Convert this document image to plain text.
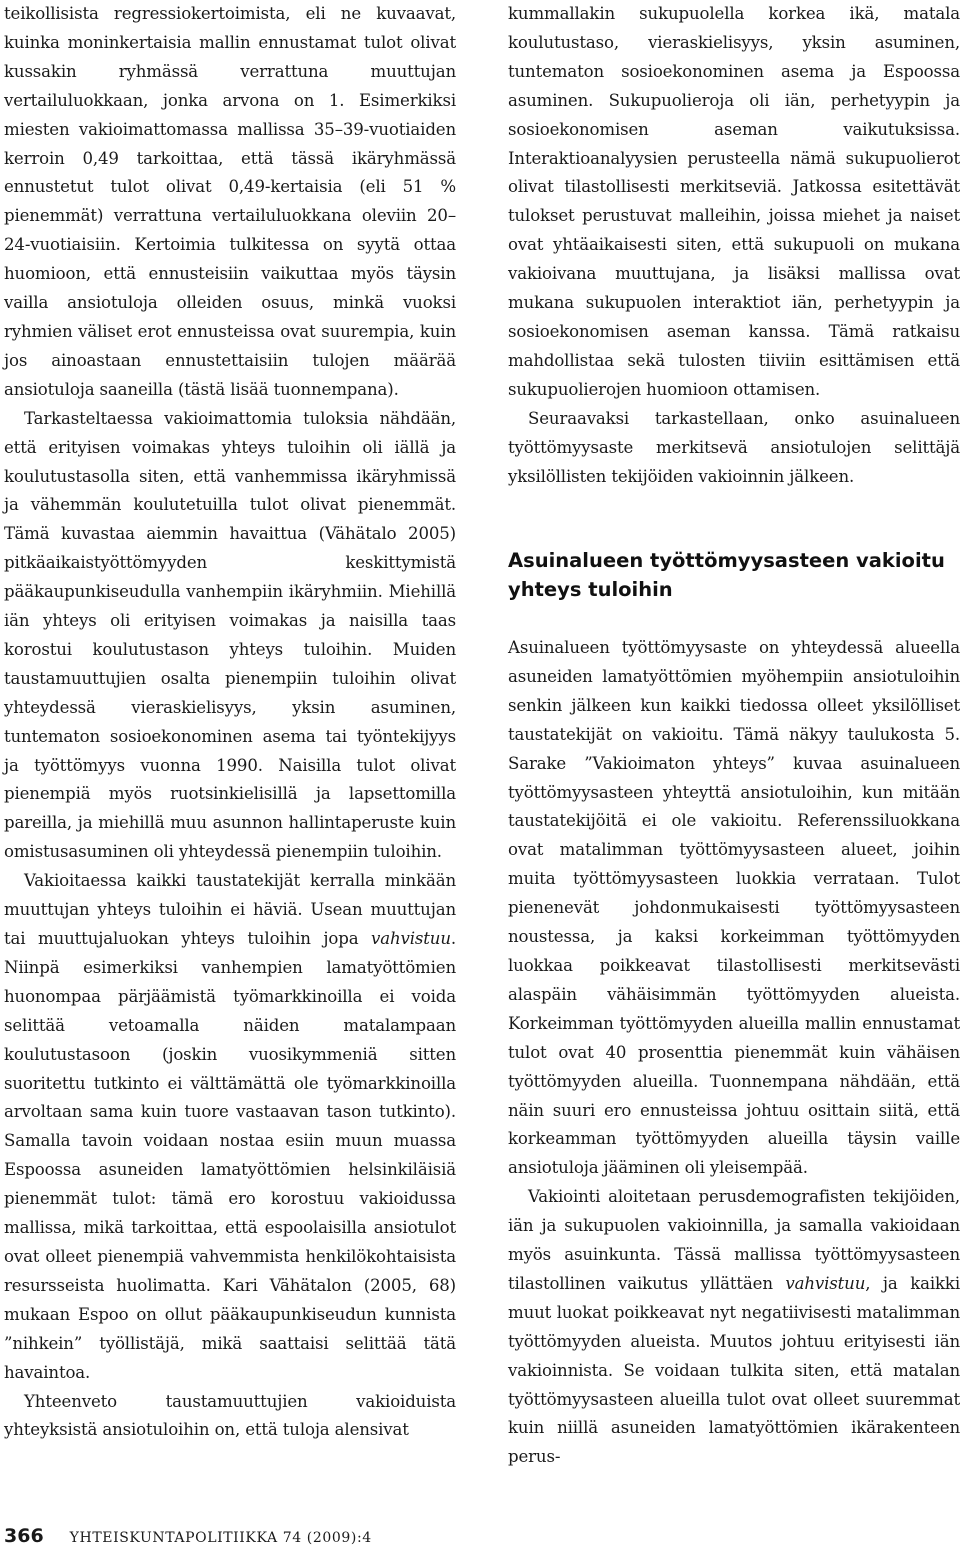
teikollisista regressiokertoimista, eli ne kuvaavat, kuinka moninkertaisia mallin ennustamat tulot olivat kussakin ryhmässä verrattuna muuttujan vertailuluokkaan, jonka arvona on 1. Esimerkiksi miesten vakioimattomassa mallissa 35–39-vuotiaiden kerroin 0,49 tarkoittaa, että tässä ikäryhmässä ennustetut tulot olivat 0,49-kertaisia (eli 51 % pienemmät) verrattuna vertailuluokkana oleviin 20–24-vuotiaisiin. Kertoimia tulkitessa on syytä ottaa huomioon, että ennusteisiin vaikuttaa myös täysin vailla ansiotuloja olleiden osuus, minkä vuoksi ryhmien väliset erot ennusteissa ovat suurempia, kuin jos ainoastaan ennustettaisiin tulojen määrää ansiotuloja saaneilla (tästä lisää tuonnempana).

Tarkasteltaessa vakioimattomia tuloksia nähdään, että erityisen voimakas yhteys tuloihin oli iällä ja koulutustasolla siten, että vanhemmissa ikäryhmissä ja vähemmän koulutetuilla tulot olivat pienemmät. Tämä kuvastaa aiemmin havaittua (Vähätalo 2005) pitkäaikaistyöttömyyden keskittymistä pääkaupunkiseudulla vanhempiin ikäryhmiin. Miehillä iän yhteys oli erityisen voimakas ja naisilla taas korostui koulutustason yhteys tuloihin. Muiden taustamuuttujien osalta pienempiin tuloihin olivat yhteydessä vieraskielisyys, yksin asuminen, tuntematon sosioekonominen asema tai työntekijyys ja työttömyys vuonna 1990. Naisilla tulot olivat pienempiä myös ruotsinkielisillä ja lapsettomilla pareilla, ja miehillä muu asunnon hallintaperuste kuin omistusasuminen oli yhteydessä pienempiin tuloihin.

Vakioitaessa kaikki taustatekijät kerralla minkään muuttujan yhteys tuloihin ei häviä. Usean muuttujan tai muuttujaluokan yhteys tuloihin jopa vahvistuu. Niinpä esimerkiksi vanhempien lamatyöttömien huonompaa pärjäämistä työmarkkinoilla ei voida selittää vetoamalla näiden matalampaan koulutustasoon (joskin vuosikymmeniä sitten suoritettu tutkinto ei välttämättä ole työmarkkinoilla arvoltaan sama kuin tuore vastaavan tason tutkinto). Samalla tavoin voidaan nostaa esiin muun muassa Espoossa asuneiden lamatyöttömien helsinkiläisiä pienemmät tulot: tämä ero korostuu vakioidussa mallissa, mikä tarkoittaa, että espoolaisilla ansiotulot ovat olleet pienempiä vahvemmista henkilökohtaisista resursseista huolimatta. Kari Vähätalon (2005, 68) mukaan Espoo on ollut pääkaupunkiseudun kunnista ”nihkein” työllistäjä, mikä saattaisi selittää tätä havaintoa.

Yhteenveto taustamuuttujien vakioiduista yhteyksistä ansiotuloihin on, että tuloja alensivat

kummallakin sukupuolella korkea ikä, matala koulutustaso, vieraskielisyys, yksin asuminen, tuntematon sosioekonominen asema ja Espoossa asuminen. Sukupuolieroja oli iän, perhetyypin ja sosioekonomisen aseman vaikutuksissa. Interaktioanalyysien perusteella nämä sukupuolierot olivat tilastollisesti merkitseviä. Jatkossa esitettävät tulokset perustuvat malleihin, joissa miehet ja naiset ovat yhtäaikaisesti siten, että sukupuoli on mukana vakioivana muuttujana, ja lisäksi mallissa ovat mukana sukupuolen interaktiot iän, perhetyypin ja sosioekonomisen aseman kanssa. Tämä ratkaisu mahdollistaa sekä tulosten tiiviin esittämisen että sukupuolierojen huomioon ottamisen.

Seuraavaksi tarkastellaan, onko asuinalueen työttömyysaste merkitsevä ansiotulojen selittäjä yksilöllisten tekijöiden vakioinnin jälkeen.

Asuinalueen työttömyysasteen vakioitu yhteys tuloihin

Asuinalueen työttömyysaste on yhteydessä alueella asuneiden lamatyöttömien myöhempiin ansiotuloihin senkin jälkeen kun kaikki tiedossa olleet yksilölliset taustatekijät on vakioitu. Tämä näkyy taulukosta 5. Sarake ”Vakioimaton yhteys” kuvaa asuinalueen työttömyysasteen yhteyttä ansiotuloihin, kun mitään taustatekijöitä ei ole vakioitu. Referenssiluokkana ovat matalimman työttömyysasteen alueet, joihin muita työttömyysasteen luokkia verrataan. Tulot pienenevät johdonmukaisesti työttömyysasteen noustessa, ja kaksi korkeimman työttömyyden luokkaa poikkeavat tilastollisesti merkitsevästi alaspäin vähäisimmän työttömyyden alueista. Korkeimman työttömyyden alueilla mallin ennustamat tulot ovat 40 prosenttia pienemmät kuin vähäisen työttömyyden alueilla. Tuonnempana nähdään, että näin suuri ero ennusteissa johtuu osittain siitä, että korkeamman työttömyyden alueilla täysin vaille ansiotuloja jääminen oli yleisempää.

Vakiointi aloitetaan perusdemografisten tekijöiden, iän ja sukupuolen vakioinnilla, ja samalla vakioidaan myös asuinkunta. Tässä mallissa työttömyysasteen tilastollinen vaikutus yllättäen vahvistuu, ja kaikki muut luokat poikkeavat nyt negatiivisesti matalimman työttömyyden alueista. Muutos johtuu erityisesti iän vakioinnista. Se voidaan tulkita siten, että matalan työttömyysasteen alueilla tulot ovat olleet suuremmat kuin niillä asuneiden lamatyöttömien ikärakenteen perus-

366 YHTEISKUNTAPOLITIIKKA 74 (2009):4
